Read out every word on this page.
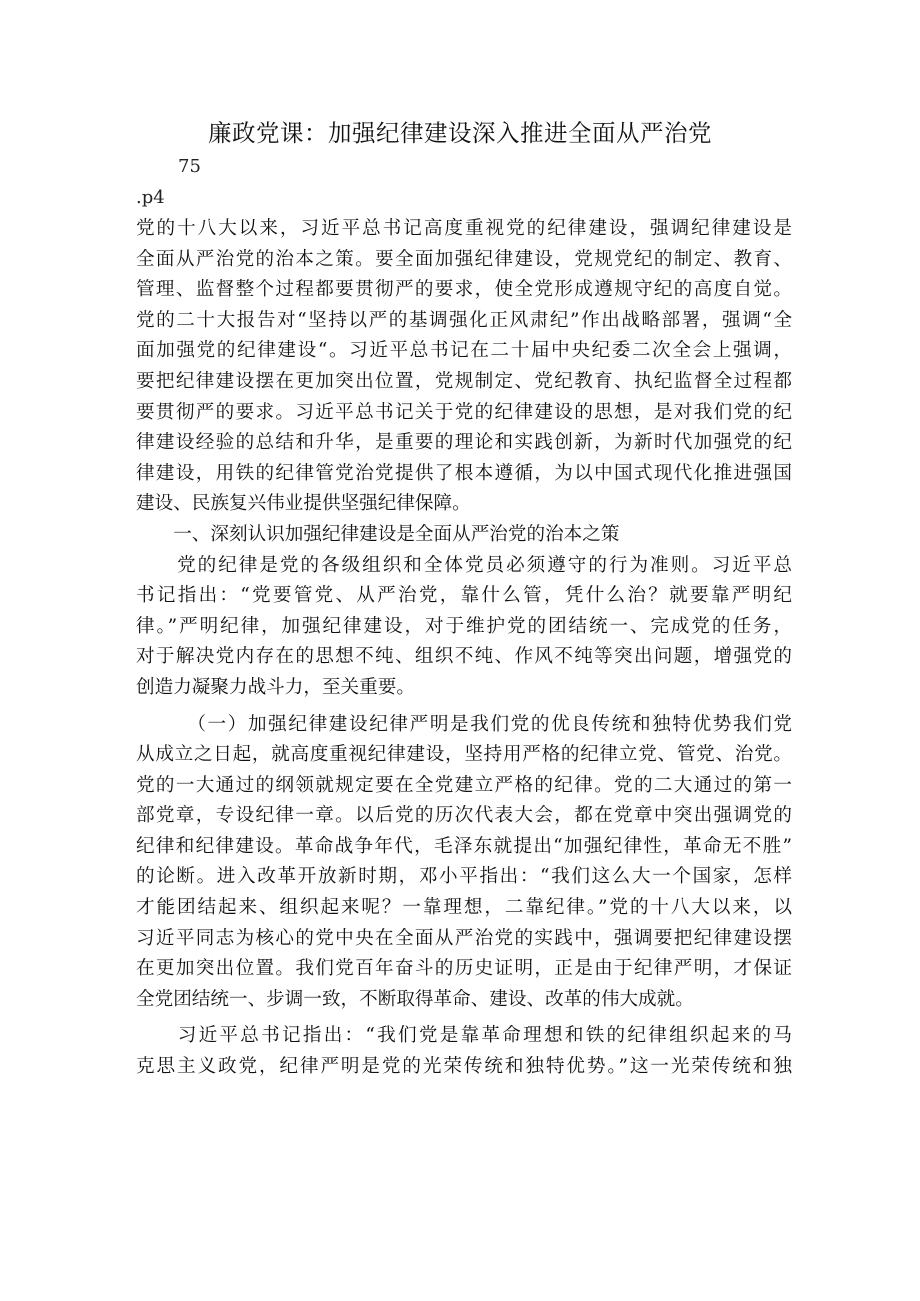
廉政党课：加强纪律建设深入推进全面从严治党
75
.p4

党的十八大以来，习近平总书记高度重视党的纪律建设，强调纪律建设是

全面从严治党的治本之策。要全面加强纪律建设，党规党纪的制定、教育、

管理、监督整个过程都要贯彻严的要求，使全党形成遵规守纪的高度自觉。

党的二十大报告对“坚持以严的基调强化正风肃纪”作出战略部署，强调“全

面加强党的纪律建设“。习近平总书记在二十届中央纪委二次全会上强调，

要把纪律建设摆在更加突出位置，党规制定、党纪教育、执纪监督全过程都

要贯彻严的要求。习近平总书记关于党的纪律建设的思想，是对我们党的纪

律建设经验的总结和升华，是重要的理论和实践创新，为新时代加强党的纪

律建设，用铁的纪律管党治党提供了根本遵循，为以中国式现代化推进强国

建设、民族复兴伟业提供坚强纪律保障。

　　一、深刻认识加强纪律建设是全面从严治党的治本之策

　　党的纪律是党的各级组织和全体党员必须遵守的行为准则。习近平总

书记指出：“党要管党、从严治党，靠什么管，凭什么治？就要靠严明纪

律。”严明纪律，加强纪律建设，对于维护党的团结统一、完成党的任务，

对于解决党内存在的思想不纯、组织不纯、作风不纯等突出问题，增强党的

创造力凝聚力战斗力，至关重要。

　　　（一）加强纪律建设纪律严明是我们党的优良传统和独特优势我们党

从成立之日起，就高度重视纪律建设，坚持用严格的纪律立党、管党、治党。

党的一大通过的纲领就规定要在全党建立严格的纪律。党的二大通过的第一

部党章，专设纪律一章。以后党的历次代表大会，都在党章中突出强调党的

纪律和纪律建设。革命战争年代，毛泽东就提出“加强纪律性，革命无不胜”

的论断。进入改革开放新时期，邓小平指出：“我们这么大一个国家，怎样

才能团结起来、组织起来呢？一靠理想，二靠纪律。”党的十八大以来，以

习近平同志为核心的党中央在全面从严治党的实践中，强调要把纪律建设摆

在更加突出位置。我们党百年奋斗的历史证明，正是由于纪律严明，才保证

全党团结统一、步调一致，不断取得革命、建设、改革的伟大成就。

　　习近平总书记指出：“我们党是靠革命理想和铁的纪律组织起来的马

克思主义政党，纪律严明是党的光荣传统和独特优势。”这一光荣传统和独
